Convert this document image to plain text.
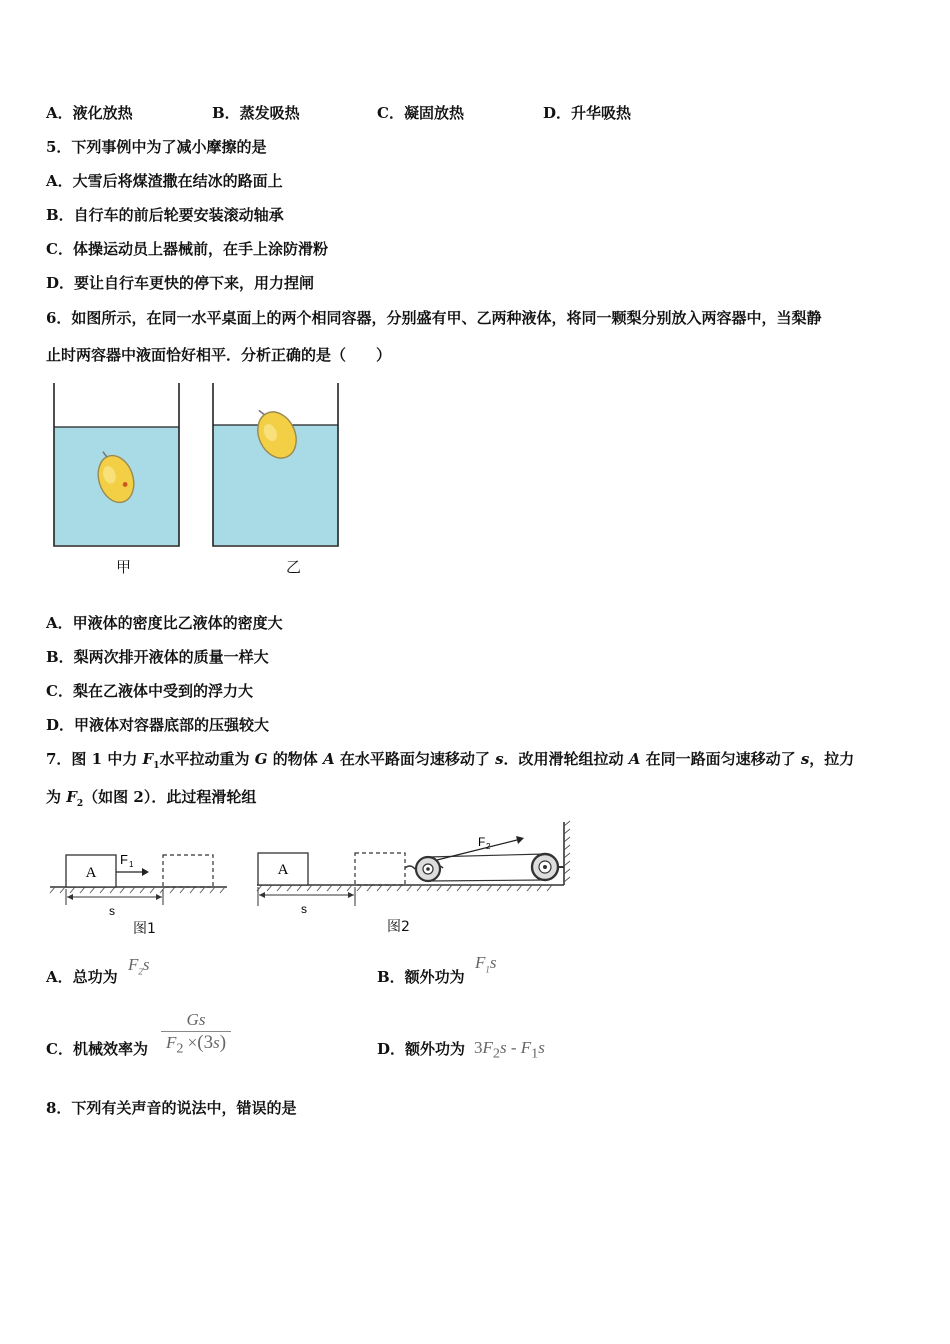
A．液化放热	B．蒸发吸热	C．凝固放热	D．升华吸热
5．下列事例中为了减小摩擦的是
A．大雪后将煤渣撒在结冰的路面上
B．自行车的前后轮要安装滚动轴承
C．体操运动员上器械前，在手上涂防滑粉
D．要让自行车更快的停下来，用力捏闸
6．如图所示，在同一水平桌面上的两个相同容器，分别盛有甲、乙两种液体，将同一颗梨分别放入两容器中，当梨静
止时两容器中液面恰好相平．分析正确的是（　　）
甲	乙
A．甲液体的密度比乙液体的密度大
B．梨两次排开液体的质量一样大
C．梨在乙液体中受到的浮力大
D．甲液体对容器底部的压强较大
7．图 1 中力 $F_1$水平拉动重为 G 的物体 A 在水平路面匀速移动了 s．改用滑轮组拉动 A 在同一路面匀速移动了 s，拉力
为 $F_2$（如图 2）．此过程滑轮组
A
F 1
s
图1
A
F 2
s
图2
A．总功为
$F_2s$
B．额外功为
$F_1s$
C．机械效率为 $\frac{Gs}{F_2 \times(3s)}$	D．额外功为 $3F_2s - F_1s$
8．下列有关声音的说法中，错误的是
